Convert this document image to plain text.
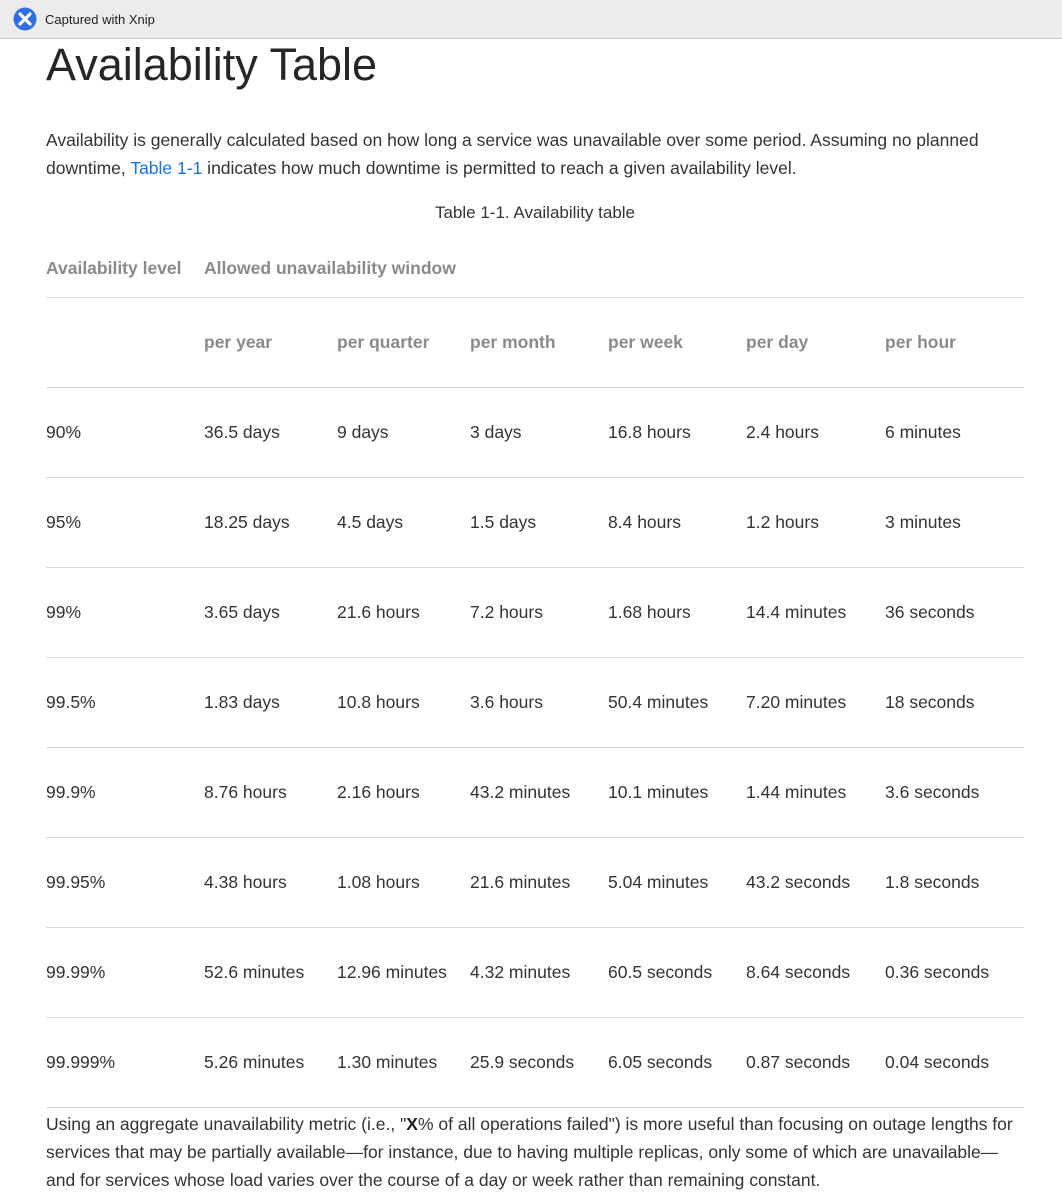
Captured with Xnip
Availability Table

Availability is generally calculated based on how long a service was unavailable over some period. Assuming no planned downtime, Table 1-1 indicates how much downtime is permitted to reach a given availability level.

Table 1-1. Availability table
Availability level	Allowed unavailability window					
	per year	per quarter	per month	per week	per day	per hour
90%	36.5 days	9 days	3 days	16.8 hours	2.4 hours	6 minutes
95%	18.25 days	4.5 days	1.5 days	8.4 hours	1.2 hours	3 minutes
99%	3.65 days	21.6 hours	7.2 hours	1.68 hours	14.4 minutes	36 seconds
99.5%	1.83 days	10.8 hours	3.6 hours	50.4 minutes	7.20 minutes	18 seconds
99.9%	8.76 hours	2.16 hours	43.2 minutes	10.1 minutes	1.44 minutes	3.6 seconds
99.95%	4.38 hours	1.08 hours	21.6 minutes	5.04 minutes	43.2 seconds	1.8 seconds
99.99%	52.6 minutes	12.96 minutes	4.32 minutes	60.5 seconds	8.64 seconds	0.36 seconds
99.999%	5.26 minutes	1.30 minutes	25.9 seconds	6.05 seconds	0.87 seconds	0.04 seconds

Using an aggregate unavailability metric (i.e., "X% of all operations failed") is more useful than focusing on outage lengths for services that may be partially available—for instance, due to having multiple replicas, only some of which are unavailable—and for services whose load varies over the course of a day or week rather than remaining constant.
